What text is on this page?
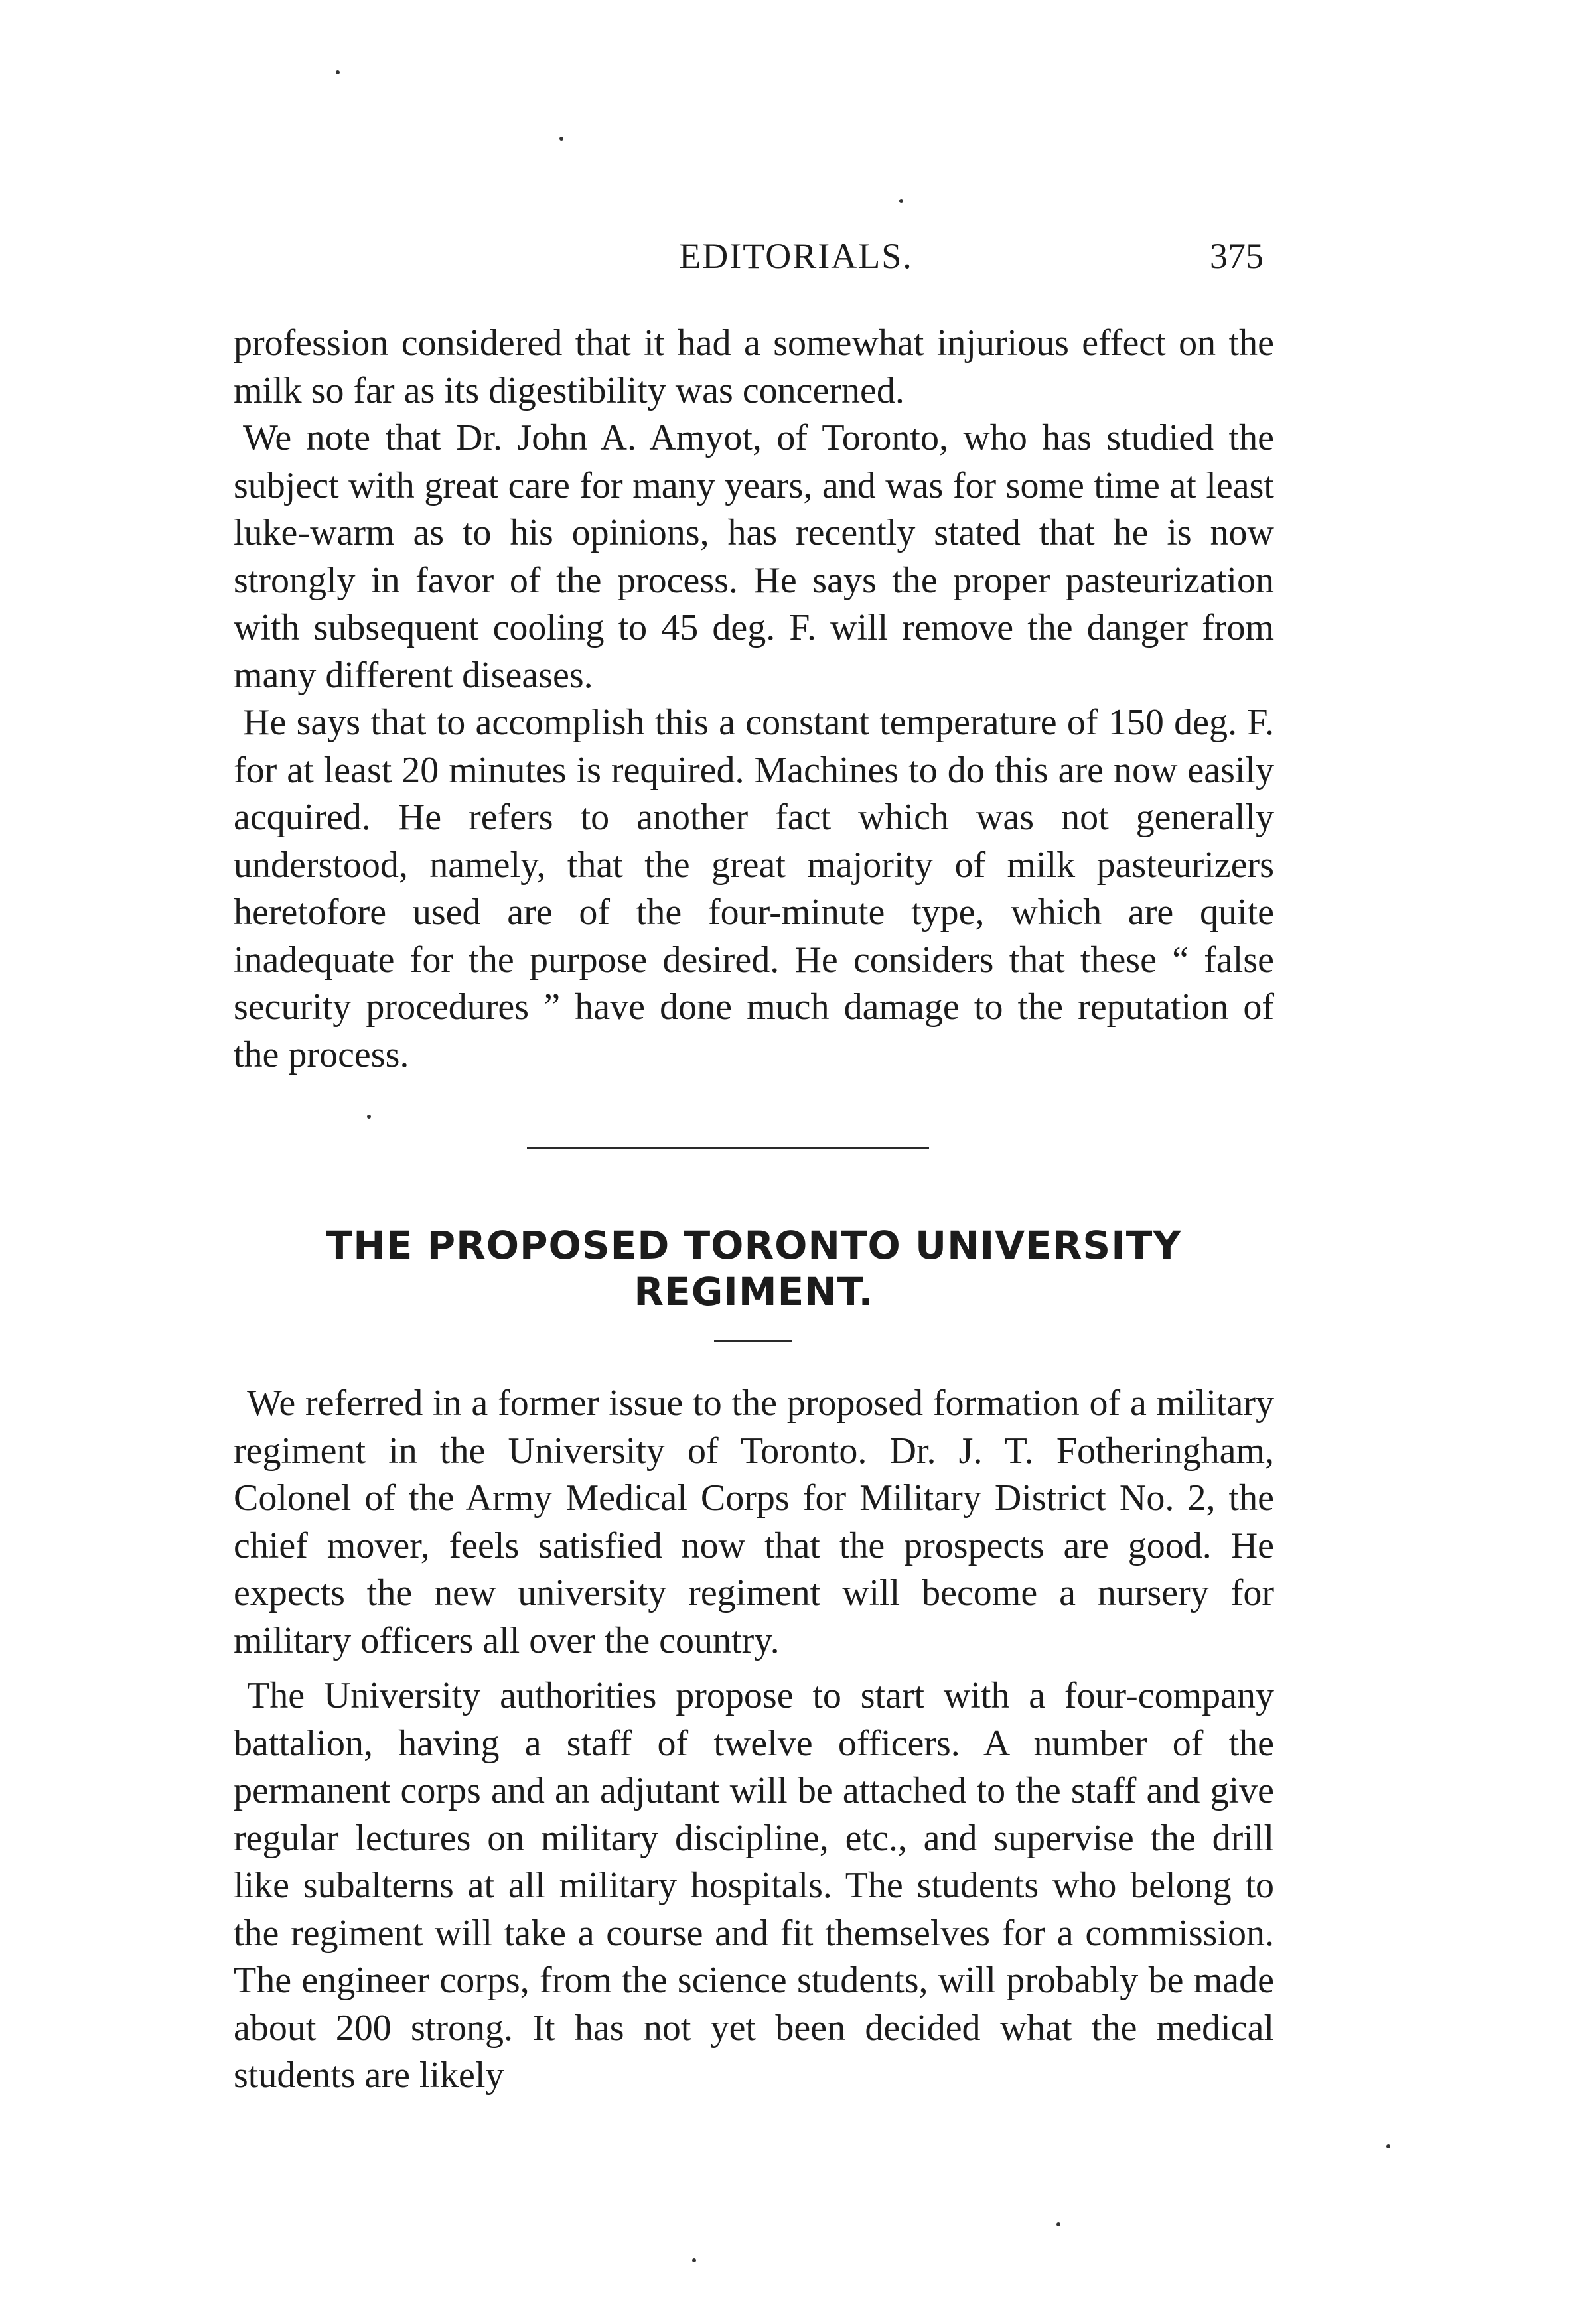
EDITORIALS.	375

profession considered that it had a somewhat injurious effect on the milk so far as its digestibility was concerned.

We note that Dr. John A. Amyot, of Toronto, who has studied the subject with great care for many years, and was for some time at least luke-warm as to his opinions, has recently stated that he is now strongly in favor of the process. He says the proper pasteurization with subsequent cooling to 45 deg. F. will remove the danger from many different diseases.

He says that to accomplish this a constant temperature of 150 deg. F. for at least 20 minutes is required. Machines to do this are now easily acquired. He refers to another fact which was not generally understood, namely, that the great majority of milk pasteurizers heretofore used are of the four-minute type, which are quite inadequate for the purpose desired. He considers that these “ false security procedures ” have done much damage to the reputation of the process.

THE PROPOSED TORONTO UNIVERSITY
REGIMENT.

We referred in a former issue to the proposed formation of a military regiment in the University of Toronto. Dr. J. T. Fotheringham, Colonel of the Army Medical Corps for Military District No. 2, the chief mover, feels satisfied now that the prospects are good. He expects the new university regiment will become a nursery for military officers all over the country.

The University authorities propose to start with a four-company battalion, having a staff of twelve officers. A number of the permanent corps and an adjutant will be attached to the staff and give regular lectures on military discipline, etc., and supervise the drill like subalterns at all military hospitals. The students who belong to the regiment will take a course and fit themselves for a commission. The engineer corps, from the science students, will probably be made about 200 strong. It has not yet been decided what the medical students are likely
